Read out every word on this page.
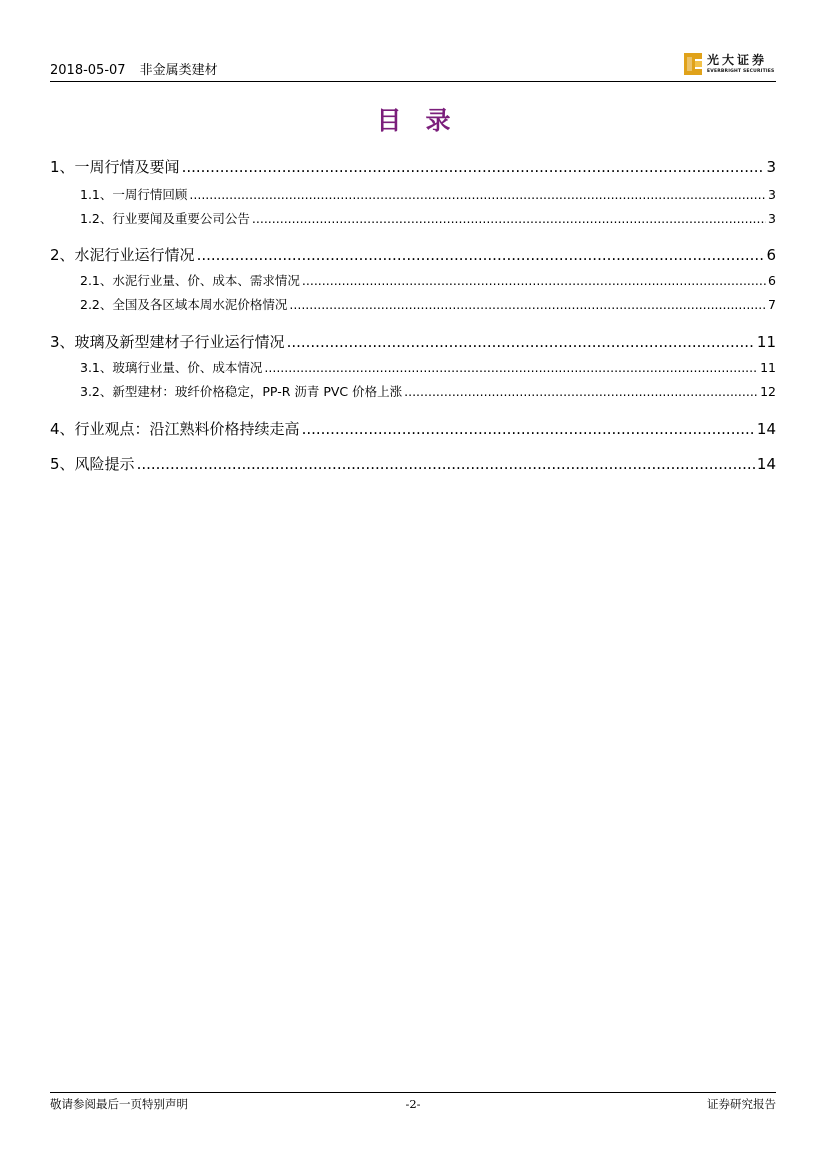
2018-05-07 非金属类建材
光大证券
EVERBRIGHT SECURITIES
目录
1、 一周行情及要闻 .....	3
1.1、 一周行情回顾 .....	3
1.2、 行业要闻及重要公司公告 .....	3
2、 水泥行业运行情况 .....	6
2.1、 水泥行业量、价、成本、需求情况 .....	6
2.2、 全国及各区域本周水泥价格情况 .....	7
3、 玻璃及新型建材子行业运行情况 .....	11
3.1、 玻璃行业量、价、成本情况 .....	11
3.2、 新型建材：玻纤价格稳定，PP-R 沥青 PVC 价格上涨 .....	12
4、 行业观点：沿江熟料价格持续走高 .....	14
5、 风险提示 .....	14
敬请参阅最后一页特别声明	-2-	证券研究报告
